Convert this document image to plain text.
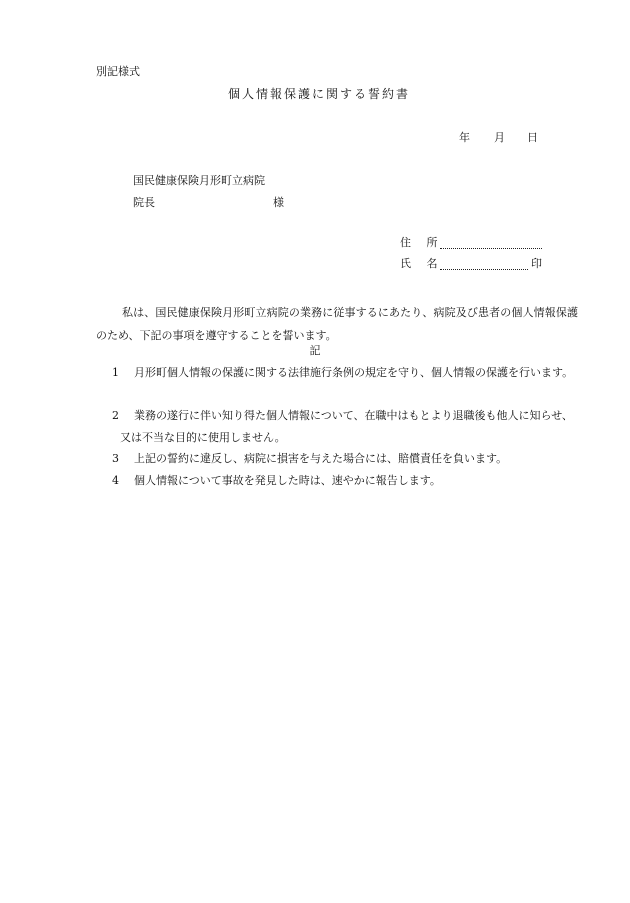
別記様式
個人情報保護に関する誓約書
年 月 日
国民健康保険月形町立病院
院長	様
住 所
氏 名	印
私は、国民健康保険月形町立病院の業務に従事するにあたり、病院及び患者の個人情報保護のため、下記の事項を遵守することを誓います。
記
1	月形町個人情報の保護に関する法律施行条例の規定を守り、個人情報の保護を行います。
2	業務の遂行に伴い知り得た個人情報について、在職中はもとより退職後も他人に知らせ、又は不当な目的に使用しません。
3	上記の誓約に違反し、病院に損害を与えた場合には、賠償責任を負います。
4	個人情報について事故を発見した時は、速やかに報告します。
